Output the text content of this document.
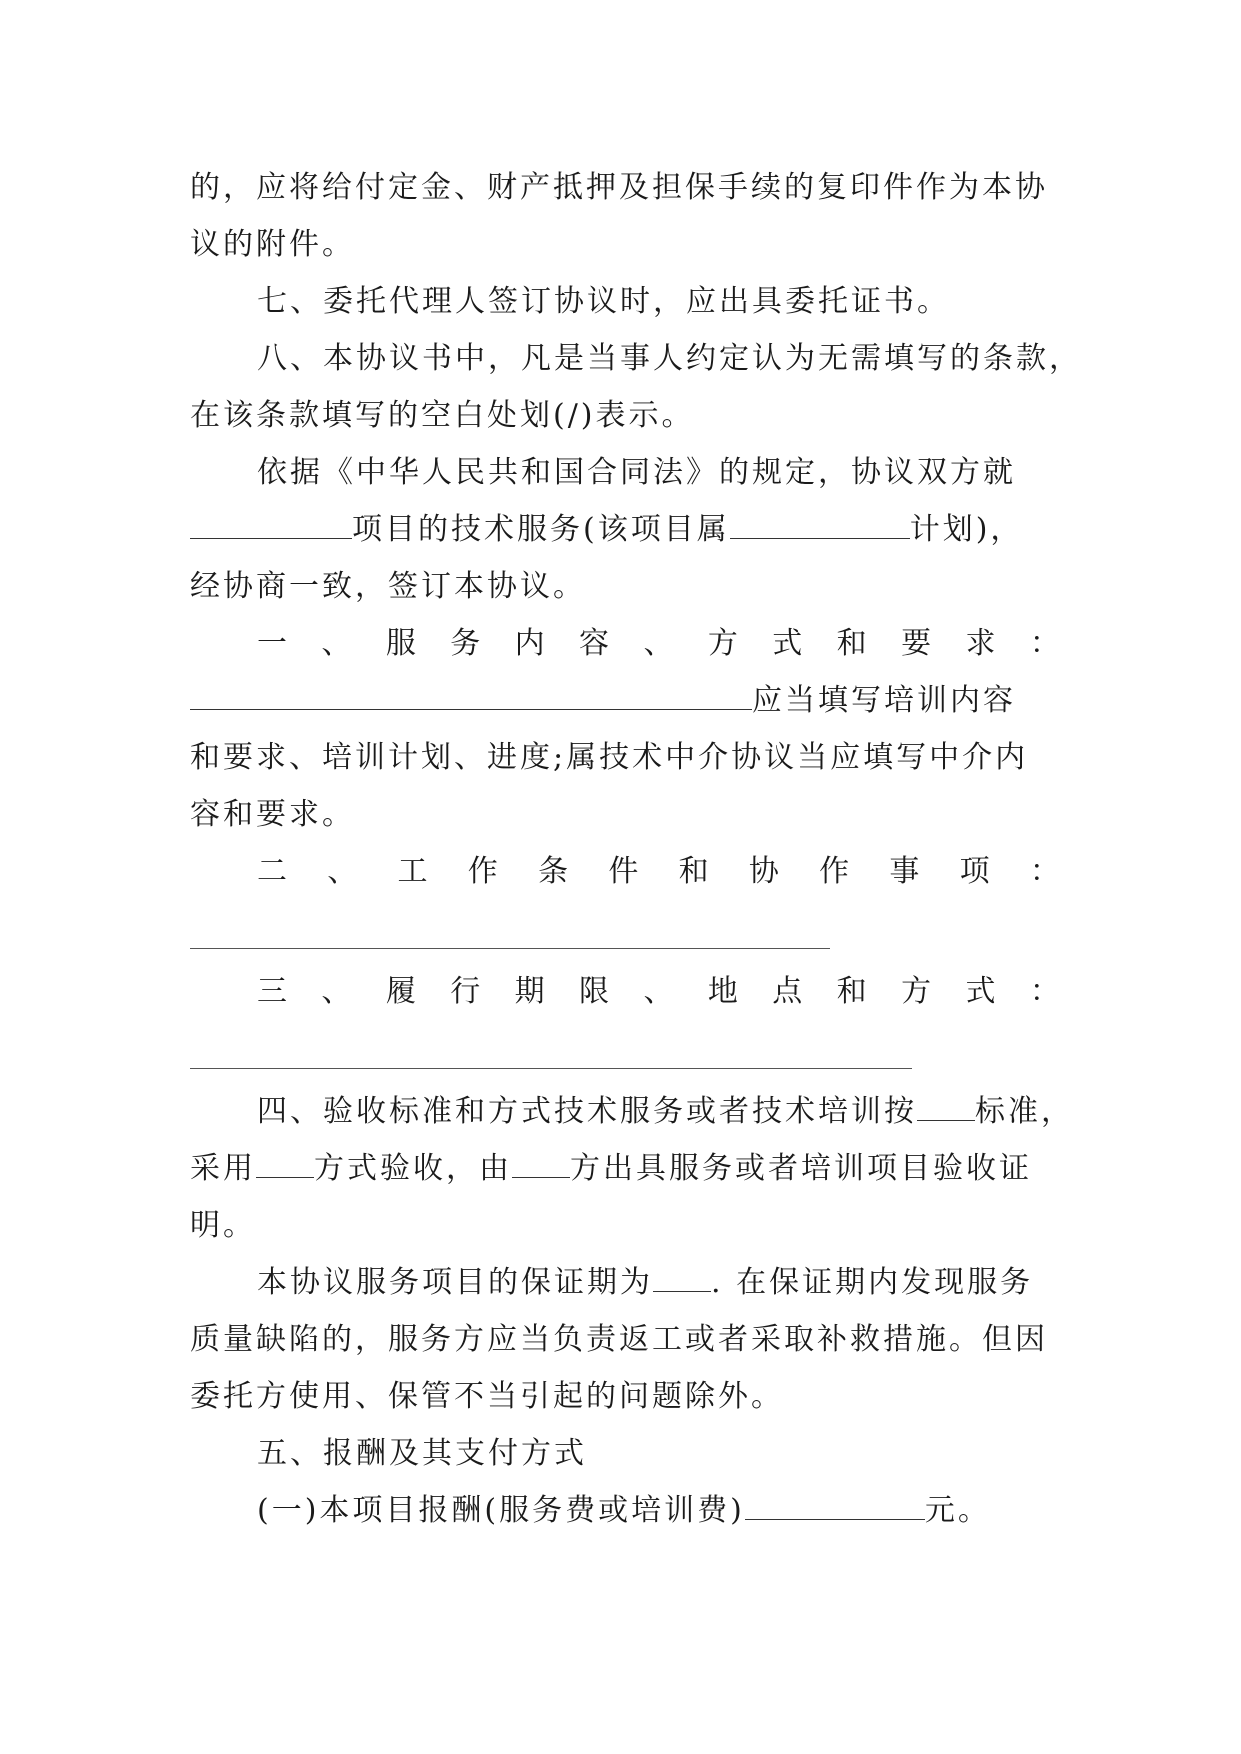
的，应将给付定金、财产抵押及担保手续的复印件作为本协
议的附件。
七、委托代理人签订协议时，应出具委托证书。
八、本协议书中，凡是当事人约定认为无需填写的条款，
在该条款填写的空白处划(/)表示。
依据《中华人民共和国合同法》的规定，协议双方就
项目的技术服务(该项目属	计划)，
经协商一致，签订本协议。
一 、 服 务 内 容 、 方 式 和 要 求 ：
应当填写培训内容
和要求、培训计划、进度;属技术中介协议当应填写中介内
容和要求。
二 、 工 作 条 件 和 协 作 事 项 ：
三 、 履 行 期 限 、 地 点 和 方 式 ：
四、验收标准和方式技术服务或者技术培训按 标准，
采用 方式验收，由 方出具服务或者培训项目验收证
明。
本协议服务项目的保证期为 . 在保证期内发现服务
质量缺陷的，服务方应当负责返工或者采取补救措施。但因
委托方使用、保管不当引起的问题除外。
五、报酬及其支付方式
(一)本项目报酬(服务费或培训费)	元。
